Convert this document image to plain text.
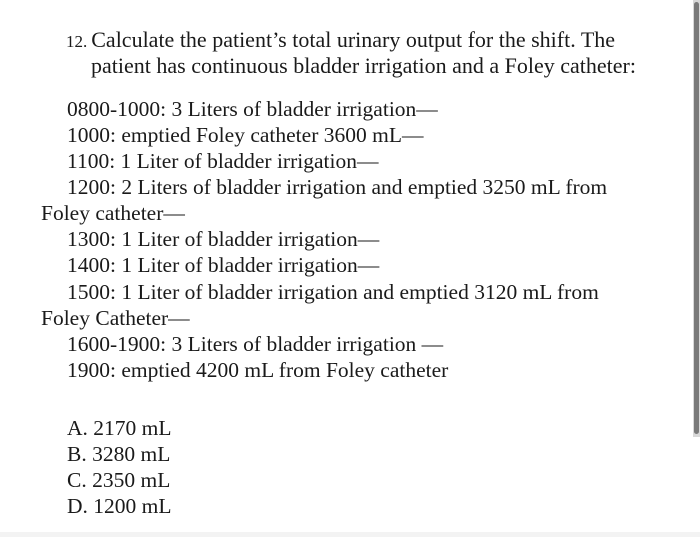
12. Calculate the patient’s total urinary output for the shift. The
patient has continuous bladder irrigation and a Foley catheter:
0800-1000: 3 Liters of bladder irrigation—
1000: emptied Foley catheter 3600 mL—
1100: 1 Liter of bladder irrigation—
1200: 2 Liters of bladder irrigation and emptied 3250 mL from
Foley catheter—
1300: 1 Liter of bladder irrigation—
1400: 1 Liter of bladder irrigation—
1500: 1 Liter of bladder irrigation and emptied 3120 mL from
Foley Catheter—
1600-1900: 3 Liters of bladder irrigation —
1900: emptied 4200 mL from Foley catheter
A. 2170 mL
B. 3280 mL
C. 2350 mL
D. 1200 mL
